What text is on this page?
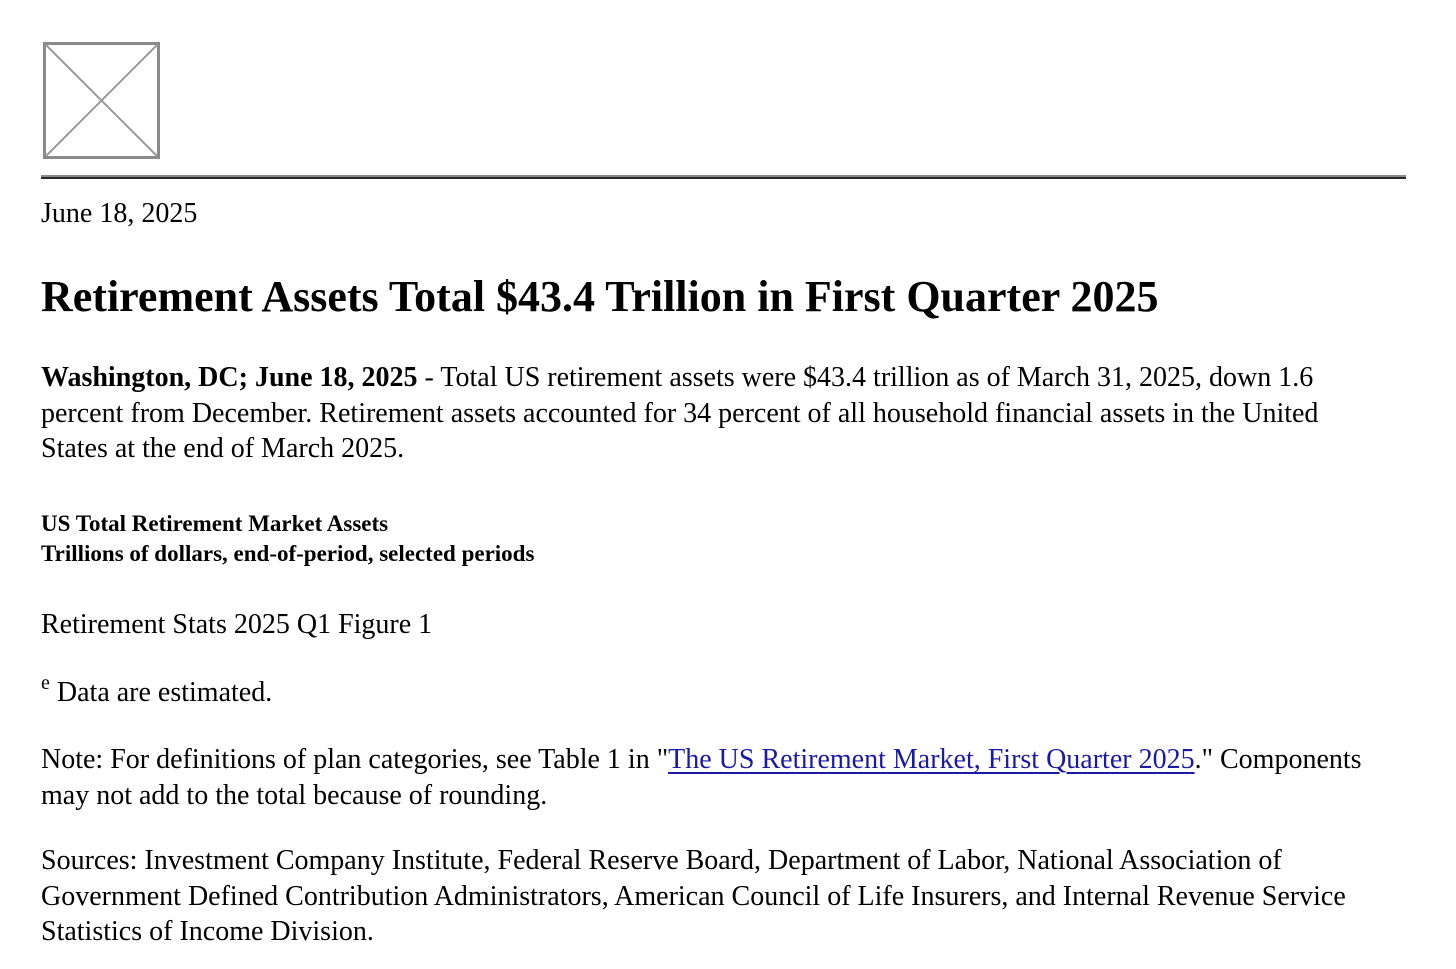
June 18, 2025

Retirement Assets Total $43.4 Trillion in First Quarter 2025

Washington, DC; June 18, 2025 - Total US retirement assets were $43.4 trillion as of March 31, 2025, down 1.6 percent from December. Retirement assets accounted for 34 percent of all household financial assets in the United States at the end of March 2025.

US Total Retirement Market Assets
Trillions of dollars, end-of-period, selected periods

Retirement Stats 2025 Q1 Figure 1

$^e$ Data are estimated.

Note: For definitions of plan categories, see Table 1 in "The US Retirement Market, First Quarter 2025." Components may not add to the total because of rounding.

Sources: Investment Company Institute, Federal Reserve Board, Department of Labor, National Association of Government Defined Contribution Administrators, American Council of Life Insurers, and Internal Revenue Service Statistics of Income Division.
